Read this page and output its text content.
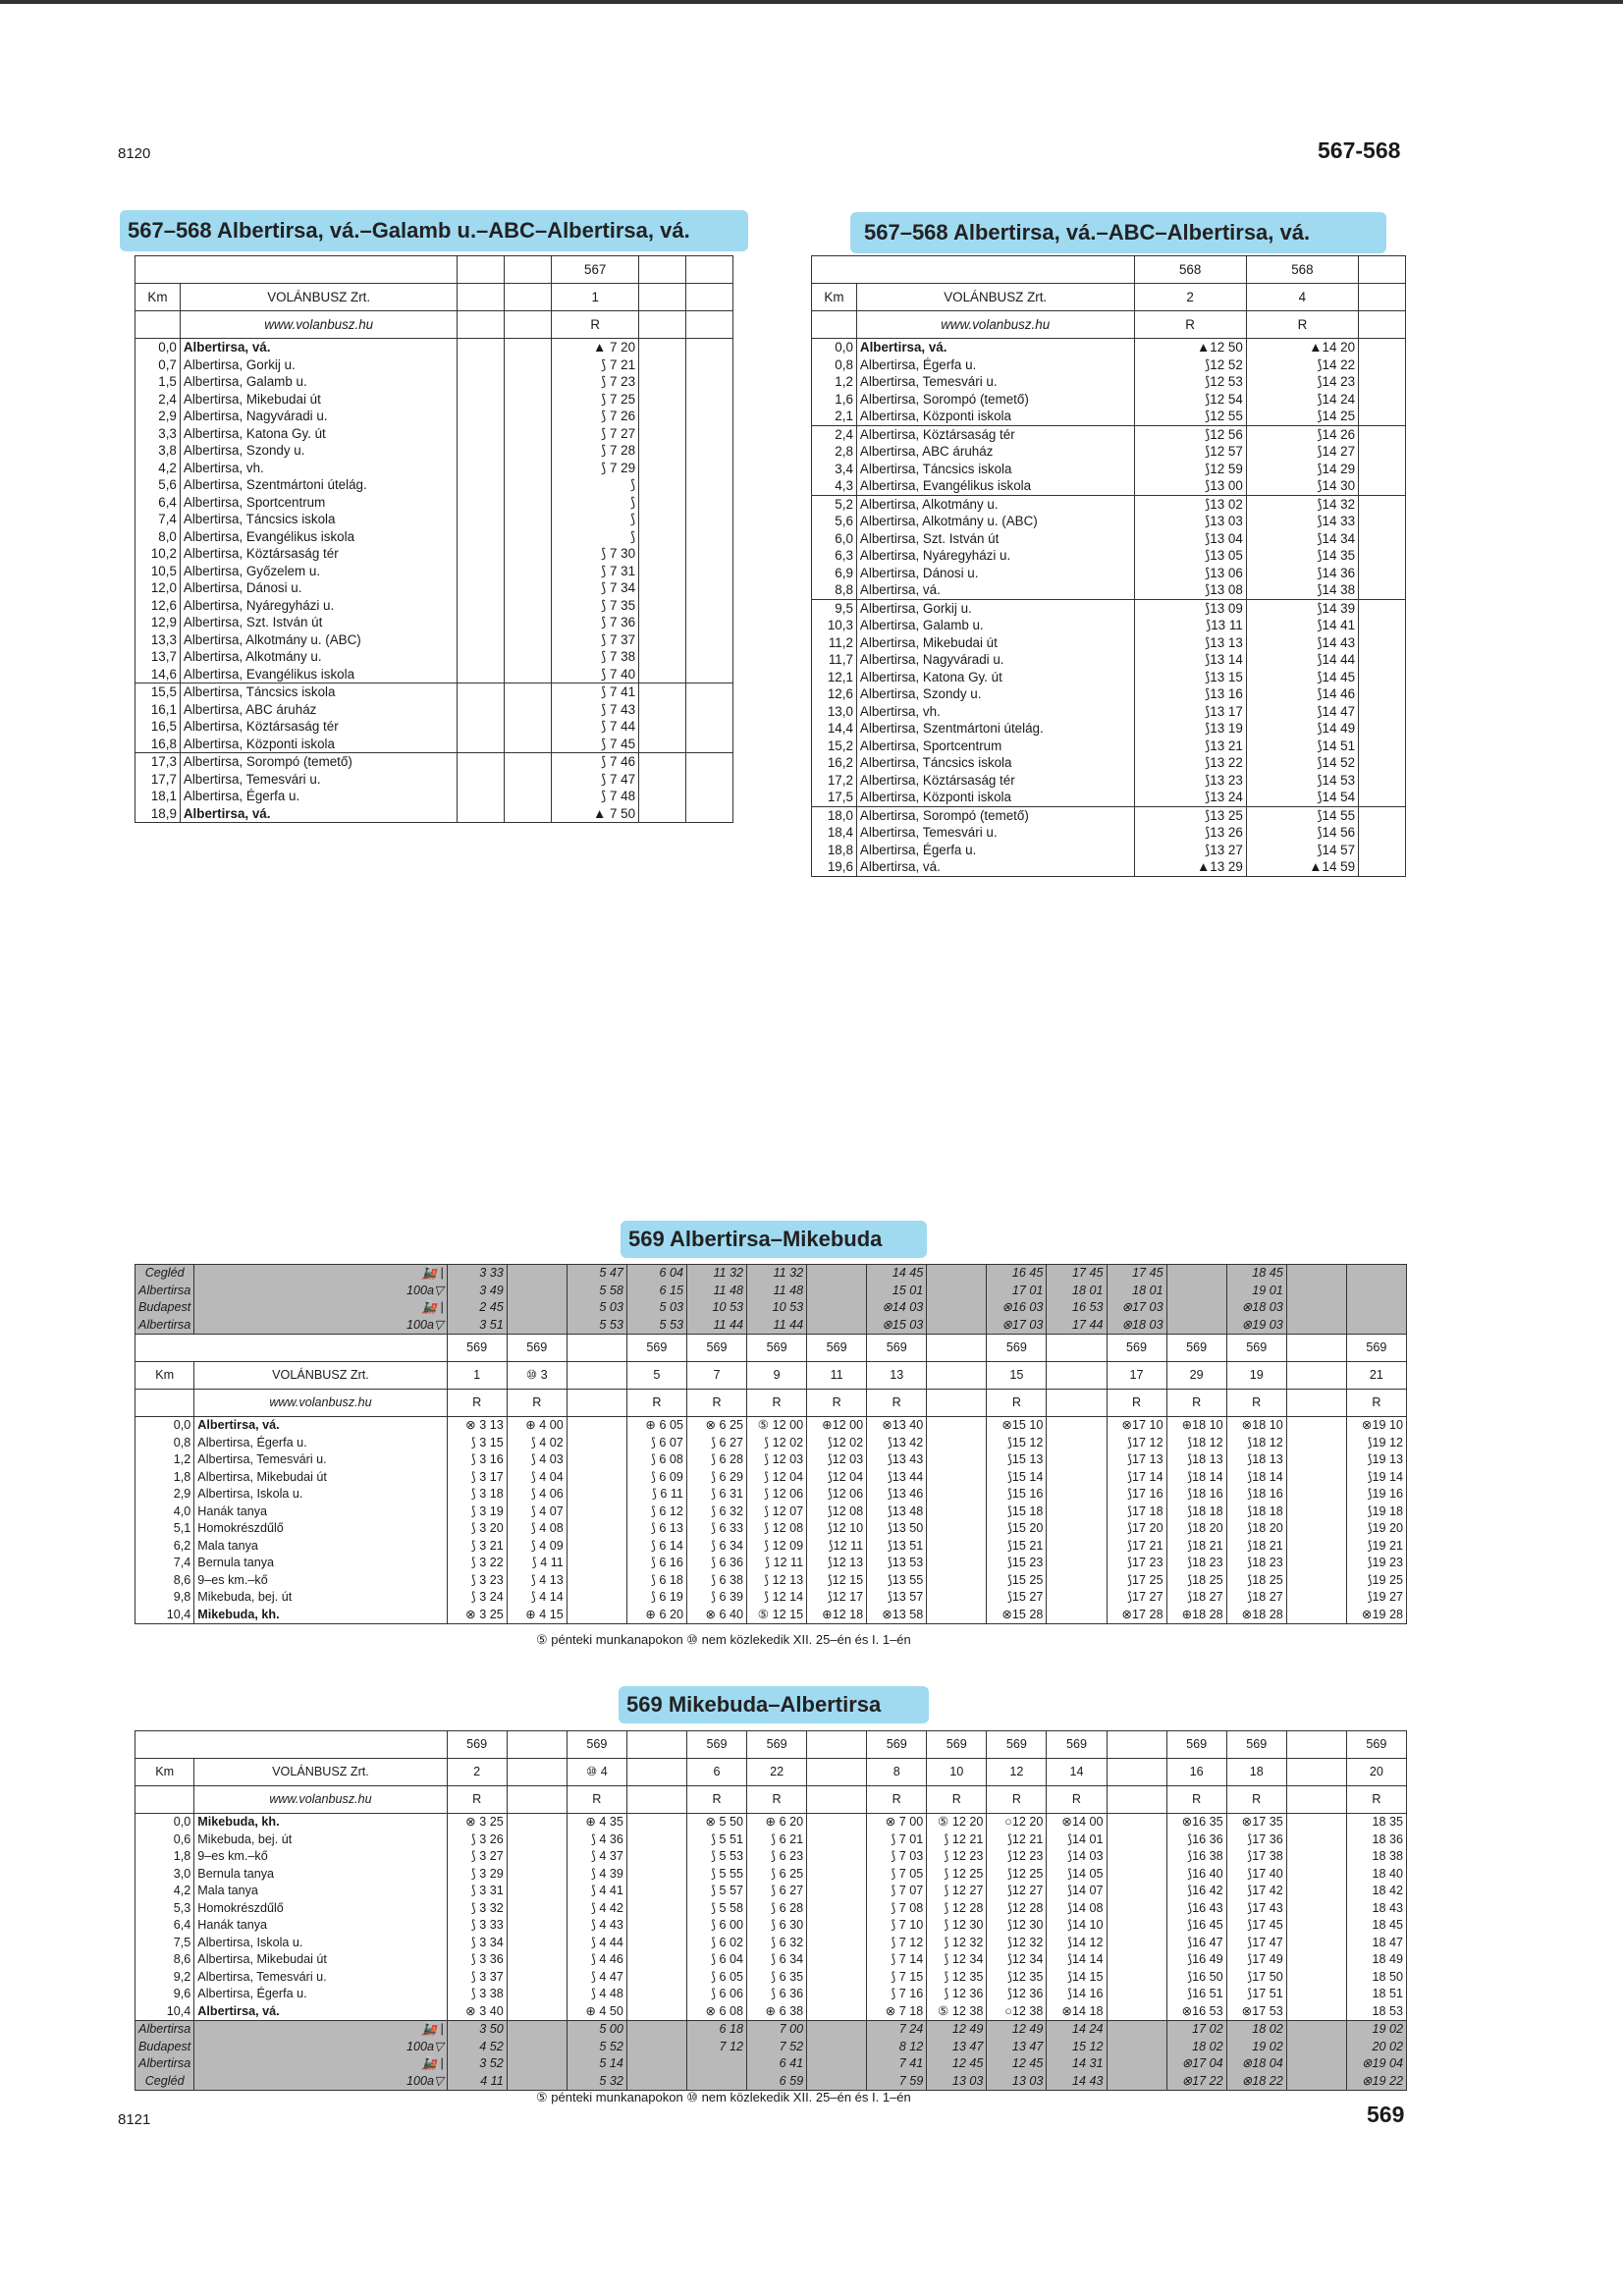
8120	567-568
8121	569
567–568 Albertirsa, vá.–Galamb u.–ABC–Albertirsa, vá.	567–568 Albertirsa, vá.–ABC–Albertirsa, vá.
569 Albertirsa–Mikebuda
569 Mikebuda–Albertirsa
				567		
Km	VOLÁNBUSZ Zrt.			1		
	www.volanbusz.hu			R		
0,0	Albertirsa, vá.			▲ 7 20		
0,7	Albertirsa, Gorkij u.			⟆ 7 21		
1,5	Albertirsa, Galamb u.			⟆ 7 23		
2,4	Albertirsa, Mikebudai út			⟆ 7 25		
2,9	Albertirsa, Nagyváradi u.			⟆ 7 26		
3,3	Albertirsa, Katona Gy. út			⟆ 7 27		
3,8	Albertirsa, Szondy u.			⟆ 7 28		
4,2	Albertirsa, vh.			⟆ 7 29		
5,6	Albertirsa, Szentmártoni útelág.			⟆		
6,4	Albertirsa, Sportcentrum			⟆		
7,4	Albertirsa, Táncsics iskola			⟆		
8,0	Albertirsa, Evangélikus iskola			⟆		
10,2	Albertirsa, Köztársaság tér			⟆ 7 30		
10,5	Albertirsa, Győzelem u.			⟆ 7 31		
12,0	Albertirsa, Dánosi u.			⟆ 7 34		
12,6	Albertirsa, Nyáregyházi u.			⟆ 7 35		
12,9	Albertirsa, Szt. István út			⟆ 7 36		
13,3	Albertirsa, Alkotmány u. (ABC)			⟆ 7 37		
13,7	Albertirsa, Alkotmány u.			⟆ 7 38		
14,6	Albertirsa, Evangélikus iskola			⟆ 7 40		
15,5	Albertirsa, Táncsics iskola			⟆ 7 41		
16,1	Albertirsa, ABC áruház			⟆ 7 43		
16,5	Albertirsa, Köztársaság tér			⟆ 7 44		
16,8	Albertirsa, Központi iskola			⟆ 7 45		
17,3	Albertirsa, Sorompó (temető)			⟆ 7 46		
17,7	Albertirsa, Temesvári u.			⟆ 7 47		
18,1	Albertirsa, Égerfa u.			⟆ 7 48		
18,9	Albertirsa, vá.			▲ 7 50		
		568	568	
Km	VOLÁNBUSZ Zrt.	2	4	
	www.volanbusz.hu	R	R	
0,0	Albertirsa, vá.	▲12 50	▲14 20	
0,8	Albertirsa, Égerfa u.	⟆12 52	⟆14 22	
1,2	Albertirsa, Temesvári u.	⟆12 53	⟆14 23	
1,6	Albertirsa, Sorompó (temető)	⟆12 54	⟆14 24	
2,1	Albertirsa, Központi iskola	⟆12 55	⟆14 25	
2,4	Albertirsa, Köztársaság tér	⟆12 56	⟆14 26	
2,8	Albertirsa, ABC áruház	⟆12 57	⟆14 27	
3,4	Albertirsa, Táncsics iskola	⟆12 59	⟆14 29	
4,3	Albertirsa, Evangélikus iskola	⟆13 00	⟆14 30	
5,2	Albertirsa, Alkotmány u.	⟆13 02	⟆14 32	
5,6	Albertirsa, Alkotmány u. (ABC)	⟆13 03	⟆14 33	
6,0	Albertirsa, Szt. István út	⟆13 04	⟆14 34	
6,3	Albertirsa, Nyáregyházi u.	⟆13 05	⟆14 35	
6,9	Albertirsa, Dánosi u.	⟆13 06	⟆14 36	
8,8	Albertirsa, vá.	⟆13 08	⟆14 38	
9,5	Albertirsa, Gorkij u.	⟆13 09	⟆14 39	
10,3	Albertirsa, Galamb u.	⟆13 11	⟆14 41	
11,2	Albertirsa, Mikebudai út	⟆13 13	⟆14 43	
11,7	Albertirsa, Nagyváradi u.	⟆13 14	⟆14 44	
12,1	Albertirsa, Katona Gy. út	⟆13 15	⟆14 45	
12,6	Albertirsa, Szondy u.	⟆13 16	⟆14 46	
13,0	Albertirsa, vh.	⟆13 17	⟆14 47	
14,4	Albertirsa, Szentmártoni útelág.	⟆13 19	⟆14 49	
15,2	Albertirsa, Sportcentrum	⟆13 21	⟆14 51	
16,2	Albertirsa, Táncsics iskola	⟆13 22	⟆14 52	
17,2	Albertirsa, Köztársaság tér	⟆13 23	⟆14 53	
17,5	Albertirsa, Központi iskola	⟆13 24	⟆14 54	
18,0	Albertirsa, Sorompó (temető)	⟆13 25	⟆14 55	
18,4	Albertirsa, Temesvári u.	⟆13 26	⟆14 56	
18,8	Albertirsa, Égerfa u.	⟆13 27	⟆14 57	
19,6	Albertirsa, vá.	▲13 29	▲14 59	
Cegléd	🚂 |	3 33		5 47	6 04	11 32	11 32		14 45		16 45	17 45	17 45		18 45		
Albertirsa	100a▽	3 49		5 58	6 15	11 48	11 48		15 01		17 01	18 01	18 01		19 01		
Budapest	🚂 |	2 45		5 03	5 03	10 53	10 53		⊗14 03		⊗16 03	16 53	⊗17 03		⊗18 03		
Albertirsa	100a▽	3 51		5 53	5 53	11 44	11 44		⊗15 03		⊗17 03	17 44	⊗18 03		⊗19 03		
		569	569		569	569	569	569	569		569		569	569	569		569
Km	VOLÁNBUSZ Zrt.	1	⑩ 3		5	7	9	11	13		15		17	29	19		21
	www.volanbusz.hu	R	R		R	R	R	R	R		R		R	R	R		R
0,0	Albertirsa, vá.	⊗ 3 13	⊕ 4 00		⊕ 6 05	⊗ 6 25	⑤ 12 00	⊕12 00	⊗13 40		⊗15 10		⊗17 10	⊕18 10	⊗18 10		⊗19 10
0,8	Albertirsa, Égerfa u.	⟆ 3 15	⟆ 4 02		⟆ 6 07	⟆ 6 27	⟆ 12 02	⟆12 02	⟆13 42		⟆15 12		⟆17 12	⟆18 12	⟆18 12		⟆19 12
1,2	Albertirsa, Temesvári u.	⟆ 3 16	⟆ 4 03		⟆ 6 08	⟆ 6 28	⟆ 12 03	⟆12 03	⟆13 43		⟆15 13		⟆17 13	⟆18 13	⟆18 13		⟆19 13
1,8	Albertirsa, Mikebudai út	⟆ 3 17	⟆ 4 04		⟆ 6 09	⟆ 6 29	⟆ 12 04	⟆12 04	⟆13 44		⟆15 14		⟆17 14	⟆18 14	⟆18 14		⟆19 14
2,9	Albertirsa, Iskola u.	⟆ 3 18	⟆ 4 06		⟆ 6 11	⟆ 6 31	⟆ 12 06	⟆12 06	⟆13 46		⟆15 16		⟆17 16	⟆18 16	⟆18 16		⟆19 16
4,0	Hanák tanya	⟆ 3 19	⟆ 4 07		⟆ 6 12	⟆ 6 32	⟆ 12 07	⟆12 08	⟆13 48		⟆15 18		⟆17 18	⟆18 18	⟆18 18		⟆19 18
5,1	Homokrészdűlő	⟆ 3 20	⟆ 4 08		⟆ 6 13	⟆ 6 33	⟆ 12 08	⟆12 10	⟆13 50		⟆15 20		⟆17 20	⟆18 20	⟆18 20		⟆19 20
6,2	Mala tanya	⟆ 3 21	⟆ 4 09		⟆ 6 14	⟆ 6 34	⟆ 12 09	⟆12 11	⟆13 51		⟆15 21		⟆17 21	⟆18 21	⟆18 21		⟆19 21
7,4	Bernula tanya	⟆ 3 22	⟆ 4 11		⟆ 6 16	⟆ 6 36	⟆ 12 11	⟆12 13	⟆13 53		⟆15 23		⟆17 23	⟆18 23	⟆18 23		⟆19 23
8,6	9–es km.–kő	⟆ 3 23	⟆ 4 13		⟆ 6 18	⟆ 6 38	⟆ 12 13	⟆12 15	⟆13 55		⟆15 25		⟆17 25	⟆18 25	⟆18 25		⟆19 25
9,8	Mikebuda, bej. út	⟆ 3 24	⟆ 4 14		⟆ 6 19	⟆ 6 39	⟆ 12 14	⟆12 17	⟆13 57		⟆15 27		⟆17 27	⟆18 27	⟆18 27		⟆19 27
10,4	Mikebuda, kh.	⊗ 3 25	⊕ 4 15		⊕ 6 20	⊗ 6 40	⑤ 12 15	⊕12 18	⊗13 58		⊗15 28		⊗17 28	⊕18 28	⊗18 28		⊗19 28
⑤ pénteki munkanapokon ⑩ nem közlekedik XII. 25–én és I. 1–én
		569		569		569	569		569	569	569	569		569	569		569
Km	VOLÁNBUSZ Zrt.	2		⑩ 4		6	22		8	10	12	14		16	18		20
	www.volanbusz.hu	R		R		R	R		R	R	R	R		R	R		R
0,0	Mikebuda, kh.	⊗ 3 25		⊕ 4 35		⊗ 5 50	⊕ 6 20		⊗ 7 00	⑤ 12 20	○12 20	⊗14 00		⊗16 35	⊗17 35		18 35
0,6	Mikebuda, bej. út	⟆ 3 26		⟆ 4 36		⟆ 5 51	⟆ 6 21		⟆ 7 01	⟆ 12 21	⟆12 21	⟆14 01		⟆16 36	⟆17 36		18 36
1,8	9–es km.–kő	⟆ 3 27		⟆ 4 37		⟆ 5 53	⟆ 6 23		⟆ 7 03	⟆ 12 23	⟆12 23	⟆14 03		⟆16 38	⟆17 38		18 38
3,0	Bernula tanya	⟆ 3 29		⟆ 4 39		⟆ 5 55	⟆ 6 25		⟆ 7 05	⟆ 12 25	⟆12 25	⟆14 05		⟆16 40	⟆17 40		18 40
4,2	Mala tanya	⟆ 3 31		⟆ 4 41		⟆ 5 57	⟆ 6 27		⟆ 7 07	⟆ 12 27	⟆12 27	⟆14 07		⟆16 42	⟆17 42		18 42
5,3	Homokrészdűlő	⟆ 3 32		⟆ 4 42		⟆ 5 58	⟆ 6 28		⟆ 7 08	⟆ 12 28	⟆12 28	⟆14 08		⟆16 43	⟆17 43		18 43
6,4	Hanák tanya	⟆ 3 33		⟆ 4 43		⟆ 6 00	⟆ 6 30		⟆ 7 10	⟆ 12 30	⟆12 30	⟆14 10		⟆16 45	⟆17 45		18 45
7,5	Albertirsa, Iskola u.	⟆ 3 34		⟆ 4 44		⟆ 6 02	⟆ 6 32		⟆ 7 12	⟆ 12 32	⟆12 32	⟆14 12		⟆16 47	⟆17 47		18 47
8,6	Albertirsa, Mikebudai út	⟆ 3 36		⟆ 4 46		⟆ 6 04	⟆ 6 34		⟆ 7 14	⟆ 12 34	⟆12 34	⟆14 14		⟆16 49	⟆17 49		18 49
9,2	Albertirsa, Temesvári u.	⟆ 3 37		⟆ 4 47		⟆ 6 05	⟆ 6 35		⟆ 7 15	⟆ 12 35	⟆12 35	⟆14 15		⟆16 50	⟆17 50		18 50
9,6	Albertirsa, Égerfa u.	⟆ 3 38		⟆ 4 48		⟆ 6 06	⟆ 6 36		⟆ 7 16	⟆ 12 36	⟆12 36	⟆14 16		⟆16 51	⟆17 51		18 51
10,4	Albertirsa, vá.	⊗ 3 40		⊕ 4 50		⊗ 6 08	⊕ 6 38		⊗ 7 18	⑤ 12 38	○12 38	⊗14 18		⊗16 53	⊗17 53		18 53
Albertirsa	🚂 |	3 50		5 00		6 18	7 00		7 24	12 49	12 49	14 24		17 02	18 02		19 02
Budapest	100a▽	4 52		5 52		7 12	7 52		8 12	13 47	13 47	15 12		18 02	19 02		20 02
Albertirsa	🚂 |	3 52		5 14			6 41		7 41	12 45	12 45	14 31		⊗17 04	⊗18 04		⊗19 04
Cegléd	100a▽	4 11		5 32			6 59		7 59	13 03	13 03	14 43		⊗17 22	⊗18 22		⊗19 22
⑤ pénteki munkanapokon ⑩ nem közlekedik XII. 25–én és I. 1–én
